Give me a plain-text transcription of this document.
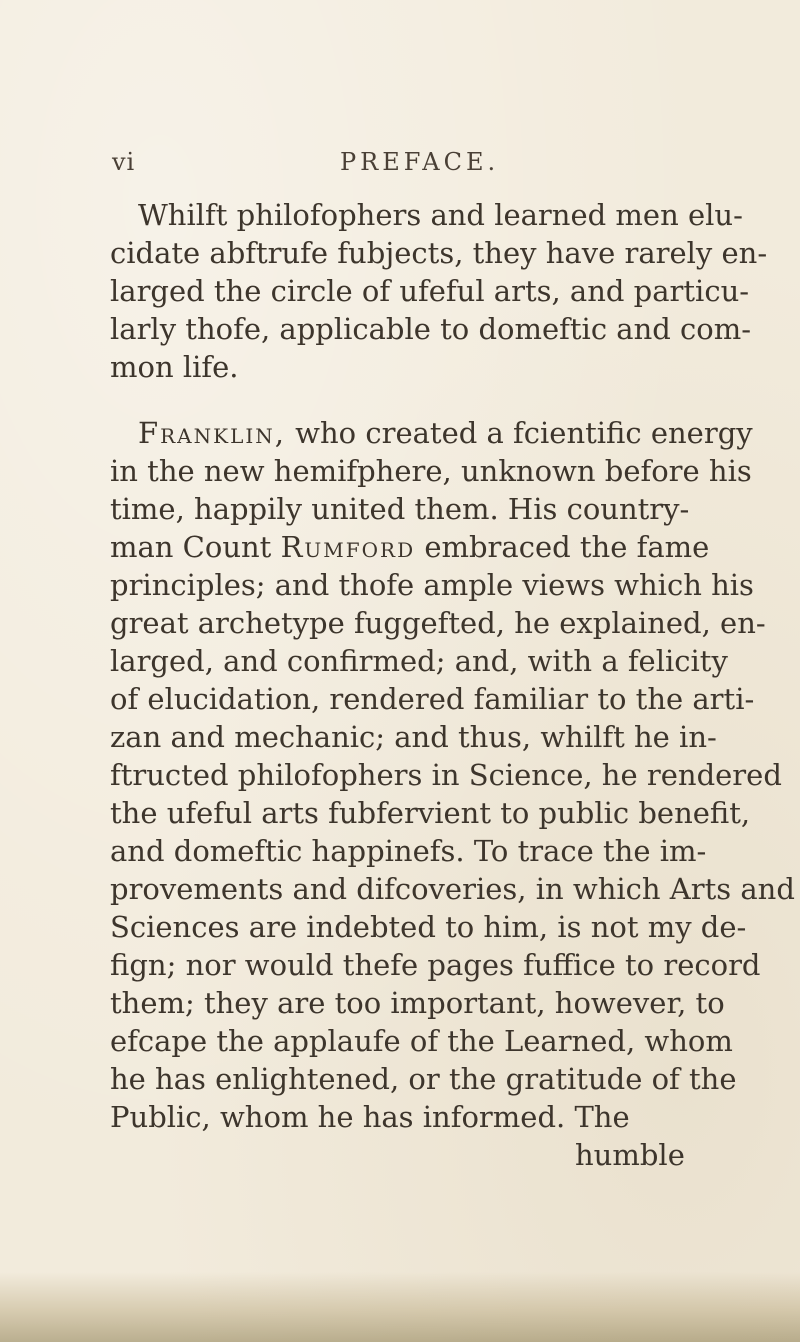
vi	PREFACE.
Whilft philofophers and learned men elu-
cidate abftrufe fubjects, they have rarely en-
larged the circle of ufeful arts, and particu-
larly thofe, applicable to domeftic and com-
mon life.
Franklin, who created a fcientific energy
in the new hemifphere, unknown before his
time, happily united them. His country-
man Count Rumford embraced the fame
principles; and thofe ample views which his
great archetype fuggefted, he explained, en-
larged, and confirmed; and, with a felicity
of elucidation, rendered familiar to the arti-
zan and mechanic; and thus, whilft he in-
ftructed philofophers in Science, he rendered
the ufeful arts fubfervient to public benefit,
and domeftic happinefs. To trace the im-
provements and difcoveries, in which Arts and
Sciences are indebted to him, is not my de-
fign; nor would thefe pages fuffice to record
them; they are too important, however, to
efcape the applaufe of the Learned, whom
he has enlightened, or the gratitude of the
Public, whom he has informed. The
humble
